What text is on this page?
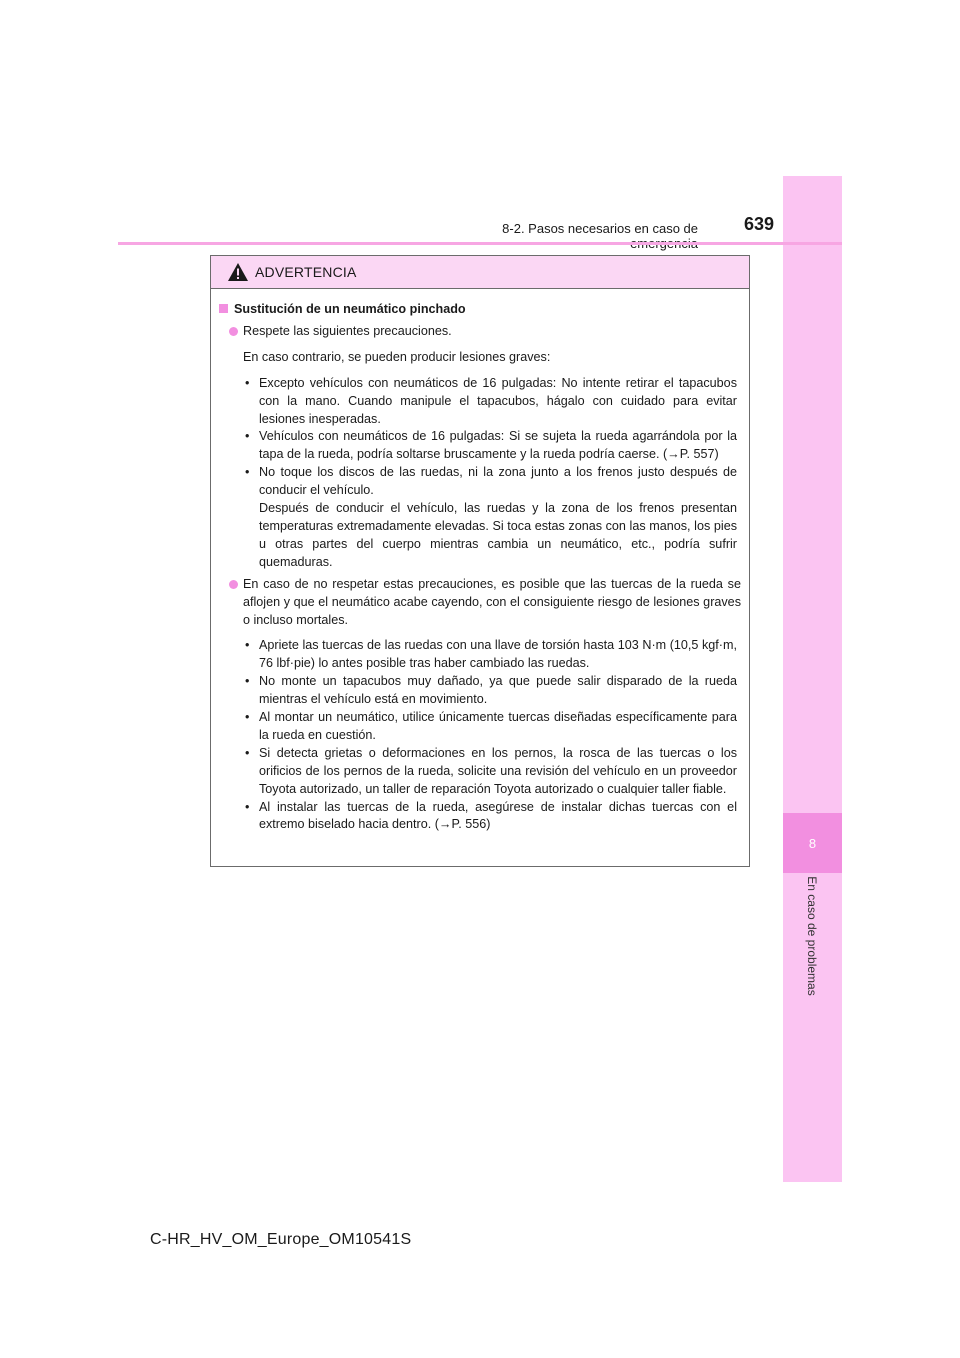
8
En caso de problemas
8-2. Pasos necesarios en caso de	639
ADVERTENCIA
Sustitución de un neumático pinchado
Respete las siguientes precauciones.
En caso contrario, se pueden producir lesiones graves:
• Excepto vehículos con neumáticos de 16 pulgadas: No intente retirar el tapacubos con la mano. Cuando manipule el tapacubos, hágalo con cuidado para evitar lesiones inesperadas.
• Vehículos con neumáticos de 16 pulgadas: Si se sujeta la rueda agarrándola por la tapa de la rueda, podría soltarse bruscamente y la rueda podría caerse. (→P. 557)
• No toque los discos de las ruedas, ni la zona junto a los frenos justo después de conducir el vehículo.
Después de conducir el vehículo, las ruedas y la zona de los frenos presentan temperaturas extremadamente elevadas. Si toca estas zonas con las manos, los pies u otras partes del cuerpo mientras cambia un neumático, etc., podría sufrir quemaduras.
En caso de no respetar estas precauciones, es posible que las tuercas de la rueda se aflojen y que el neumático acabe cayendo, con el consiguiente riesgo de lesiones graves o incluso mortales.
• Apriete las tuercas de las ruedas con una llave de torsión hasta 103 N·m (10,5 kgf·m, 76 lbf·pie) lo antes posible tras haber cambiado las ruedas.
• No monte un tapacubos muy dañado, ya que puede salir disparado de la rueda mientras el vehículo está en movimiento.
• Al montar un neumático, utilice únicamente tuercas diseñadas específicamente para la rueda en cuestión.
• Si detecta grietas o deformaciones en los pernos, la rosca de las tuercas o los orificios de los pernos de la rueda, solicite una revisión del vehículo en un proveedor Toyota autorizado, un taller de reparación Toyota autorizado o cualquier taller fiable.
• Al instalar las tuercas de la rueda, asegúrese de instalar dichas tuercas con el extremo biselado hacia dentro. (→P. 556)
C-HR_HV_OM_Europe_OM10541S
